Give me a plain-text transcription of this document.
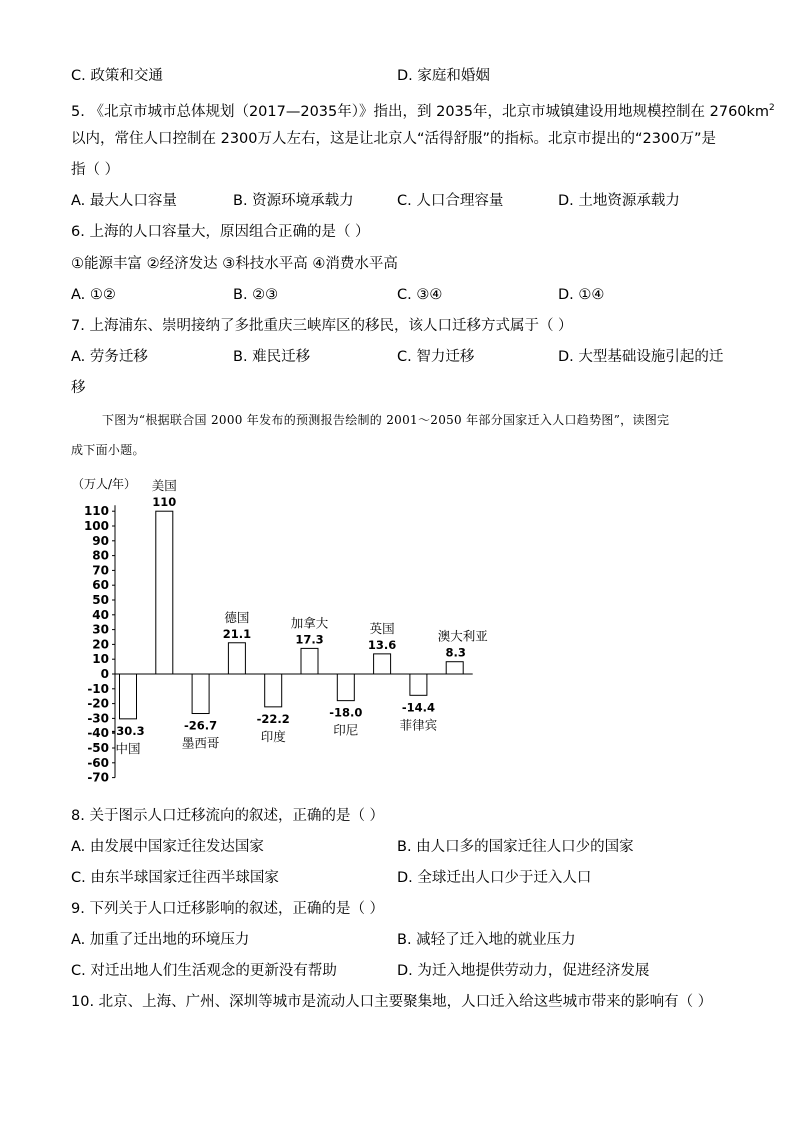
C. 政策和交通	D. 家庭和婚姻
5. 《北京市城市总体规划（2017—2035年）》指出，到 2035年，北京市城镇建设用地规模控制在 $2760km^2$
以内，常住人口控制在 2300万人左右，这是让北京人“活得舒服”的指标。北京市提出的“2300万”是
指（ ）
A. 最大人口容量	B. 资源环境承载力	C. 人口合理容量	D. 土地资源承载力
6. 上海的人口容量大，原因组合正确的是（ ）
①能源丰富 ②经济发达 ③科技水平高 ④消费水平高
A. ①②	B. ②③	C. ③④	D. ①④
7. 上海浦东、崇明接纳了多批重庆三峡库区的移民，该人口迁移方式属于（ ）
A. 劳务迁移	B. 难民迁移	C. 智力迁移	D. 大型基础设施引起的迁
移
下图为“根据联合国 2000 年发布的预测报告绘制的 2001～2050 年部分国家迁入人口趋势图”，读图完
成下面小题。
（万人/年）
110
100
90
80
70
60
50
40
30
20
10
0
-10
-20
-30
-40
-50
-60
-70
-30.3
中国
110
美国
-26.7
墨西哥
21.1
德国
-22.2
印度
17.3
加拿大
-18.0
印尼
13.6
英国
-14.4
菲律宾
8.3
澳大利亚
8. 关于图示人口迁移流向的叙述，正确的是（ ）
A. 由发展中国家迁往发达国家	B. 由人口多的国家迁往人口少的国家
C. 由东半球国家迁往西半球国家	D. 全球迁出人口少于迁入人口
9. 下列关于人口迁移影响的叙述，正确的是（ ）
A. 加重了迁出地的环境压力	B. 减轻了迁入地的就业压力
C. 对迁出地人们生活观念的更新没有帮助	D. 为迁入地提供劳动力，促进经济发展
10. 北京、上海、广州、深圳等城市是流动人口主要聚集地，人口迁入给这些城市带来的影响有（ ）
